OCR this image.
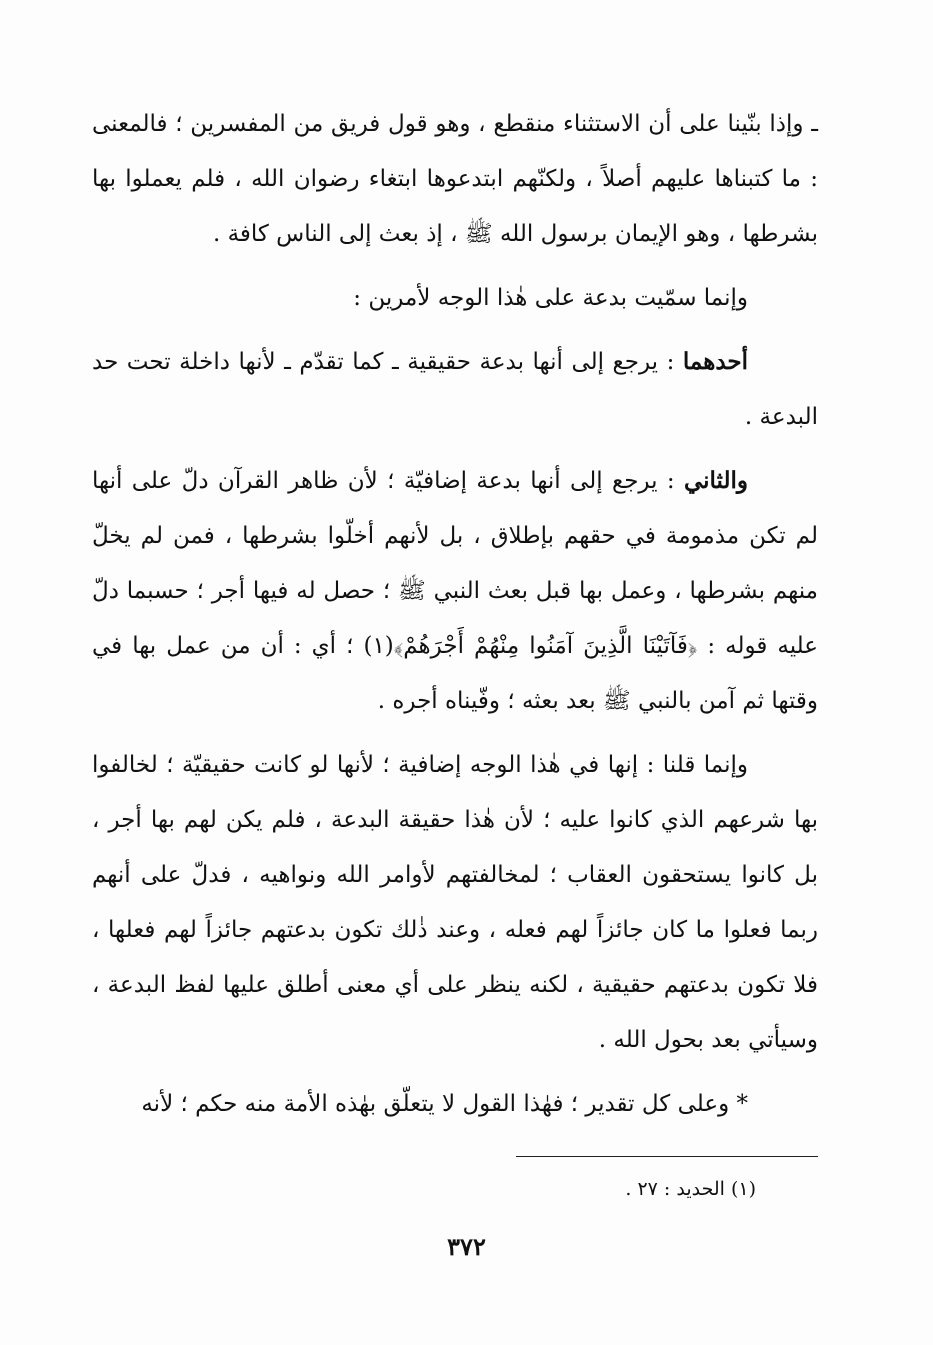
ـ وإذا بنّينا على أن الاستثناء منقطع ، وهو قول فريق من المفسرين ؛ فالمعنى : ما كتبناها عليهم أصلاً ، ولكنّهم ابتدعوها ابتغاء رضوان الله ، فلم يعملوا بها بشرطها ، وهو الإيمان برسول الله ﷺ ، إذ بعث إلى الناس كافة .

وإنما سمّيت بدعة على هٰذا الوجه لأمرين :

أحدهما : يرجع إلى أنها بدعة حقيقية ـ كما تقدّم ـ لأنها داخلة تحت حد البدعة .

والثاني : يرجع إلى أنها بدعة إضافيّة ؛ لأن ظاهر القرآن دلّ على أنها لم تكن مذمومة في حقهم بإطلاق ، بل لأنهم أخلّوا بشرطها ، فمن لم يخلّ منهم بشرطها ، وعمل بها قبل بعث النبي ﷺ ؛ حصل له فيها أجر ؛ حسبما دلّ عليه قوله : ﴿فَآتَيْنَا الَّذِينَ آمَنُوا مِنْهُمْ أَجْرَهُمْ﴾(١) ؛ أي : أن من عمل بها في وقتها ثم آمن بالنبي ﷺ بعد بعثه ؛ وفّيناه أجره .

وإنما قلنا : إنها في هٰذا الوجه إضافية ؛ لأنها لو كانت حقيقيّة ؛ لخالفوا بها شرعهم الذي كانوا عليه ؛ لأن هٰذا حقيقة البدعة ، فلم يكن لهم بها أجر ، بل كانوا يستحقون العقاب ؛ لمخالفتهم لأوامر الله ونواهيه ، فدلّ على أنهم ربما فعلوا ما كان جائزاً لهم فعله ، وعند ذٰلك تكون بدعتهم جائزاً لهم فعلها ، فلا تكون بدعتهم حقيقية ، لكنه ينظر على أي معنى أطلق عليها لفظ البدعة ، وسيأتي بعد بحول الله .

* وعلى كل تقدير ؛ فهٰذا القول لا يتعلّق بهٰذه الأمة منه حكم ؛ لأنه

(١) الحديد : ٢٧ .
٣٧٢
